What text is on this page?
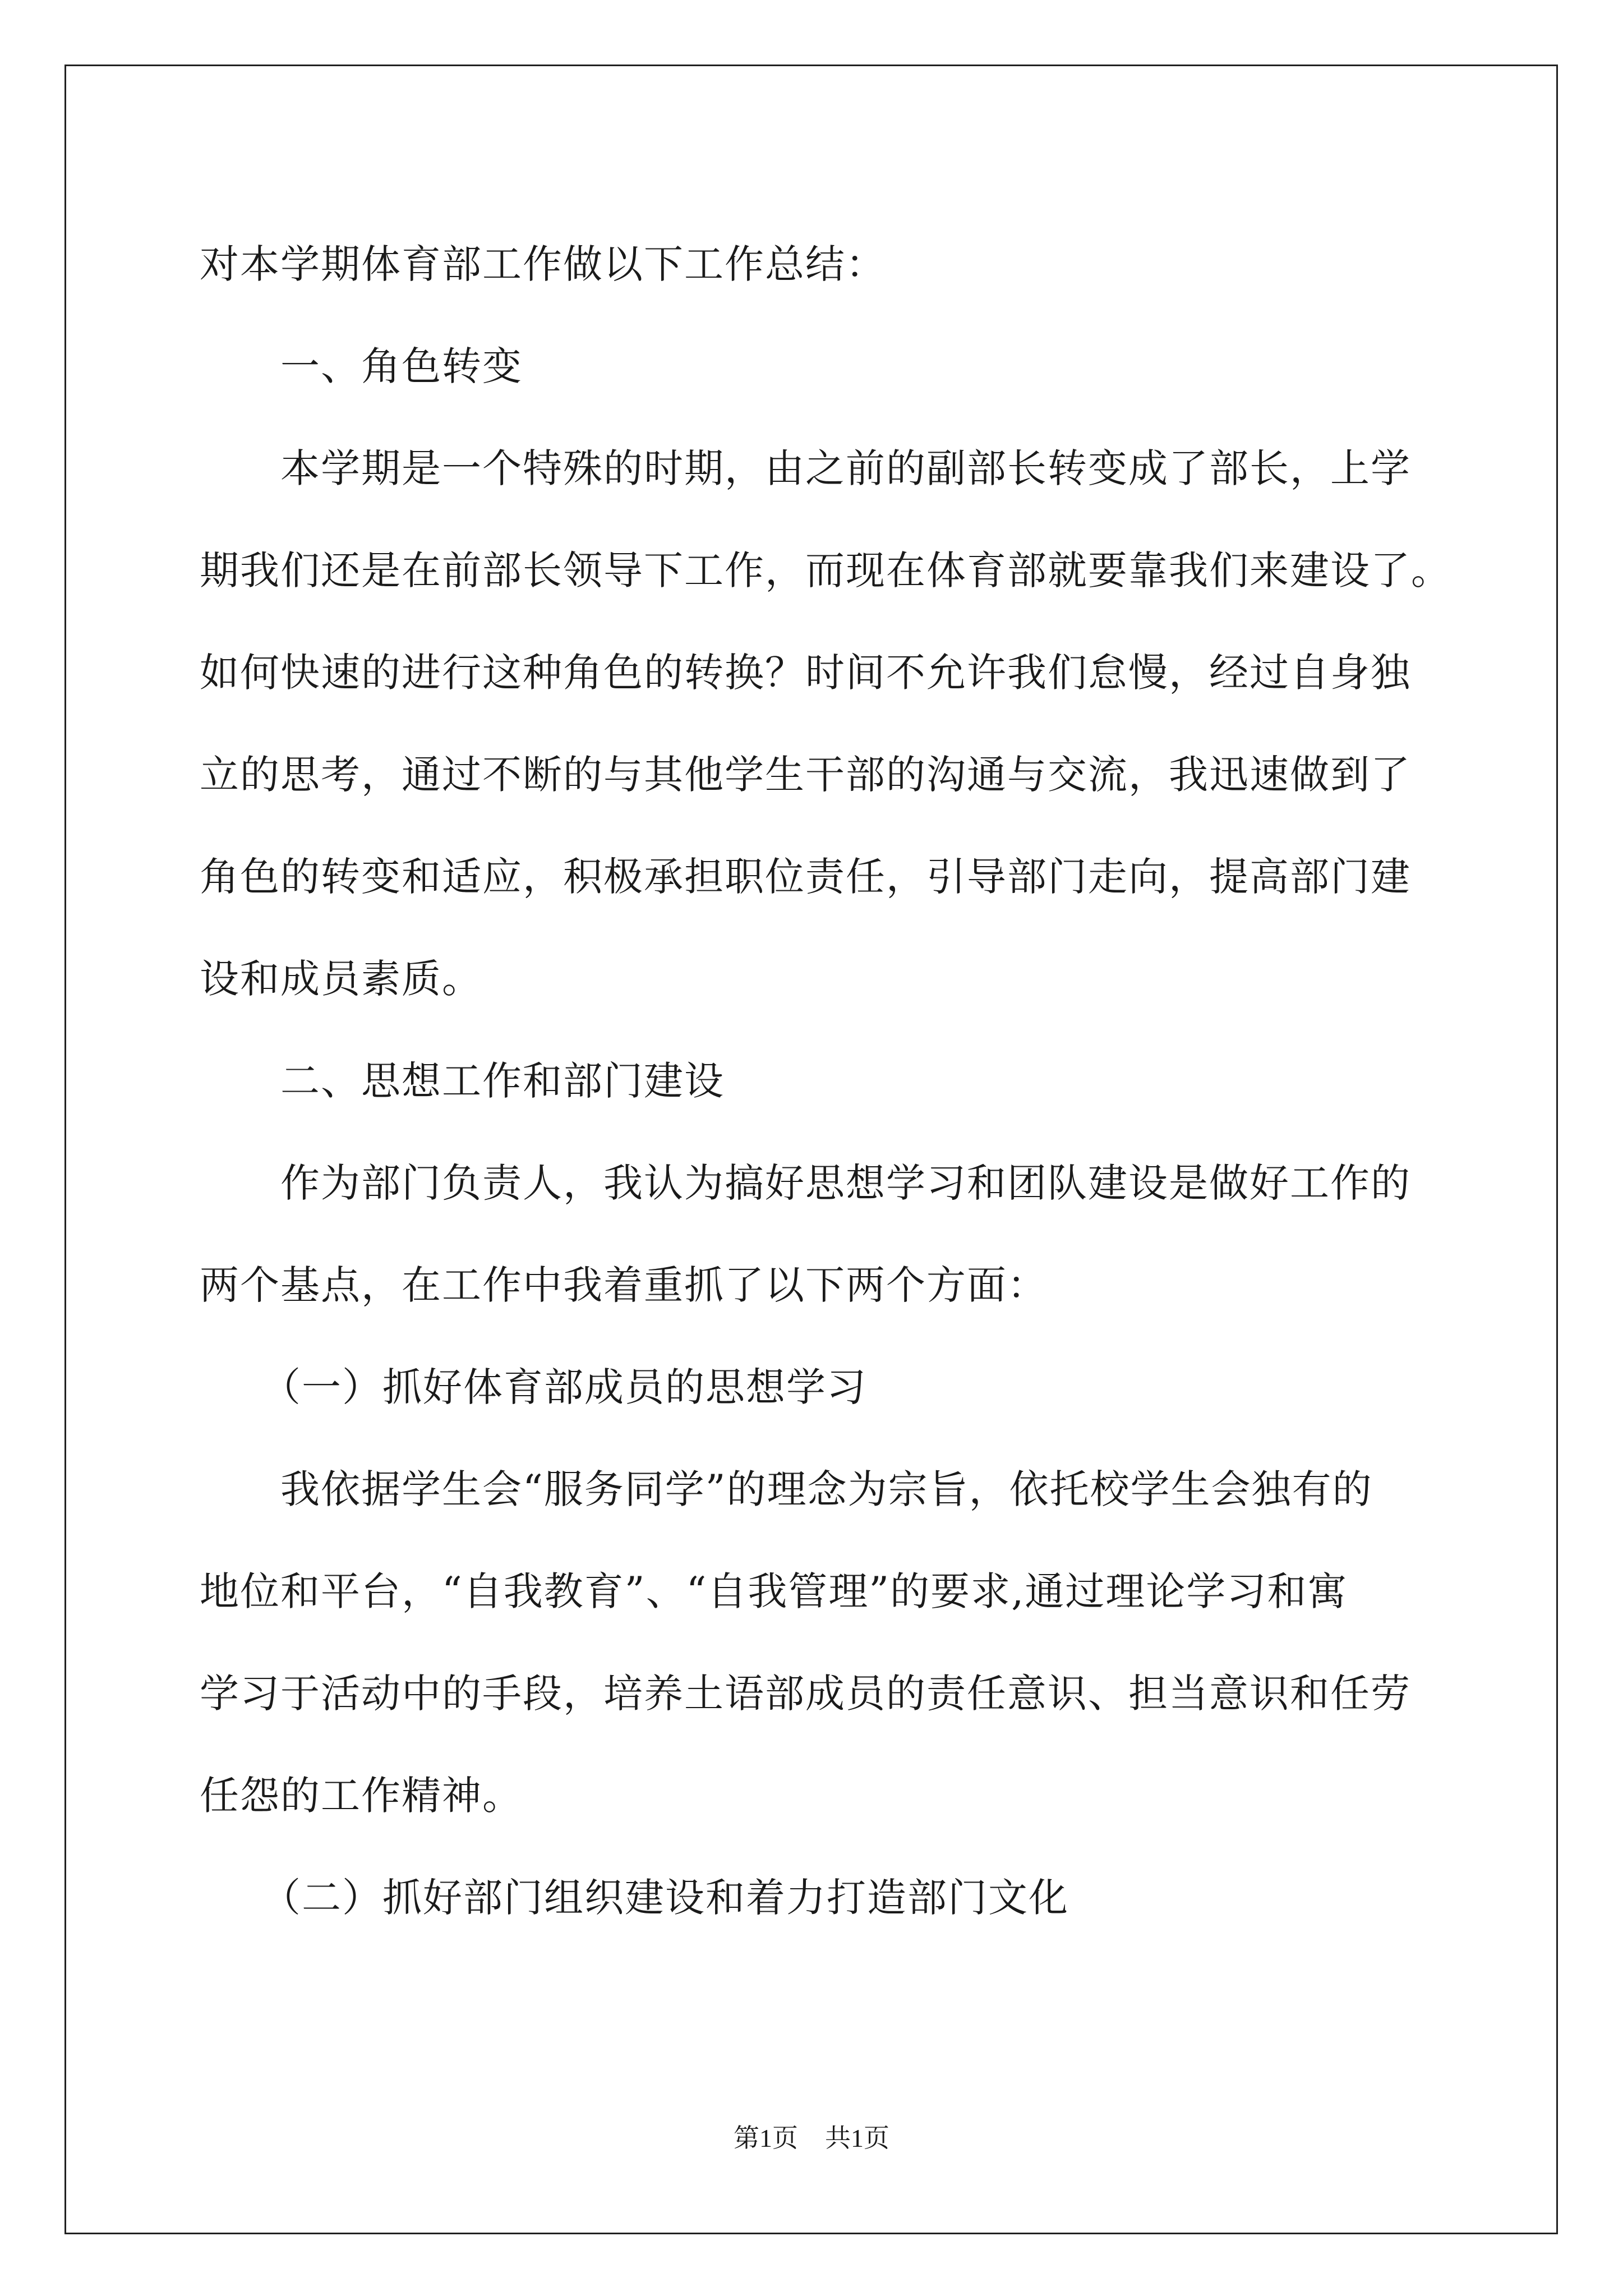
对本学期体育部工作做以下工作总结：
一、角色转变
本学期是一个特殊的时期，由之前的副部长转变成了部长，上学
期我们还是在前部长领导下工作，而现在体育部就要靠我们来建设了。
如何快速的进行这种角色的转换？时间不允许我们怠慢，经过自身独
立的思考，通过不断的与其他学生干部的沟通与交流，我迅速做到了
角色的转变和适应，积极承担职位责任，引导部门走向，提高部门建
设和成员素质。
二、思想工作和部门建设
作为部门负责人，我认为搞好思想学习和团队建设是做好工作的
两个基点，在工作中我着重抓了以下两个方面：
（一）抓好体育部成员的思想学习
我依据学生会“服务同学”的理念为宗旨，依托校学生会独有的
地位和平台，“自我教育”、“自我管理”的要求,通过理论学习和寓
学习于活动中的手段，培养土语部成员的责任意识、担当意识和任劳
任怨的工作精神。
（二）抓好部门组织建设和着力打造部门文化
第1页 共1页
